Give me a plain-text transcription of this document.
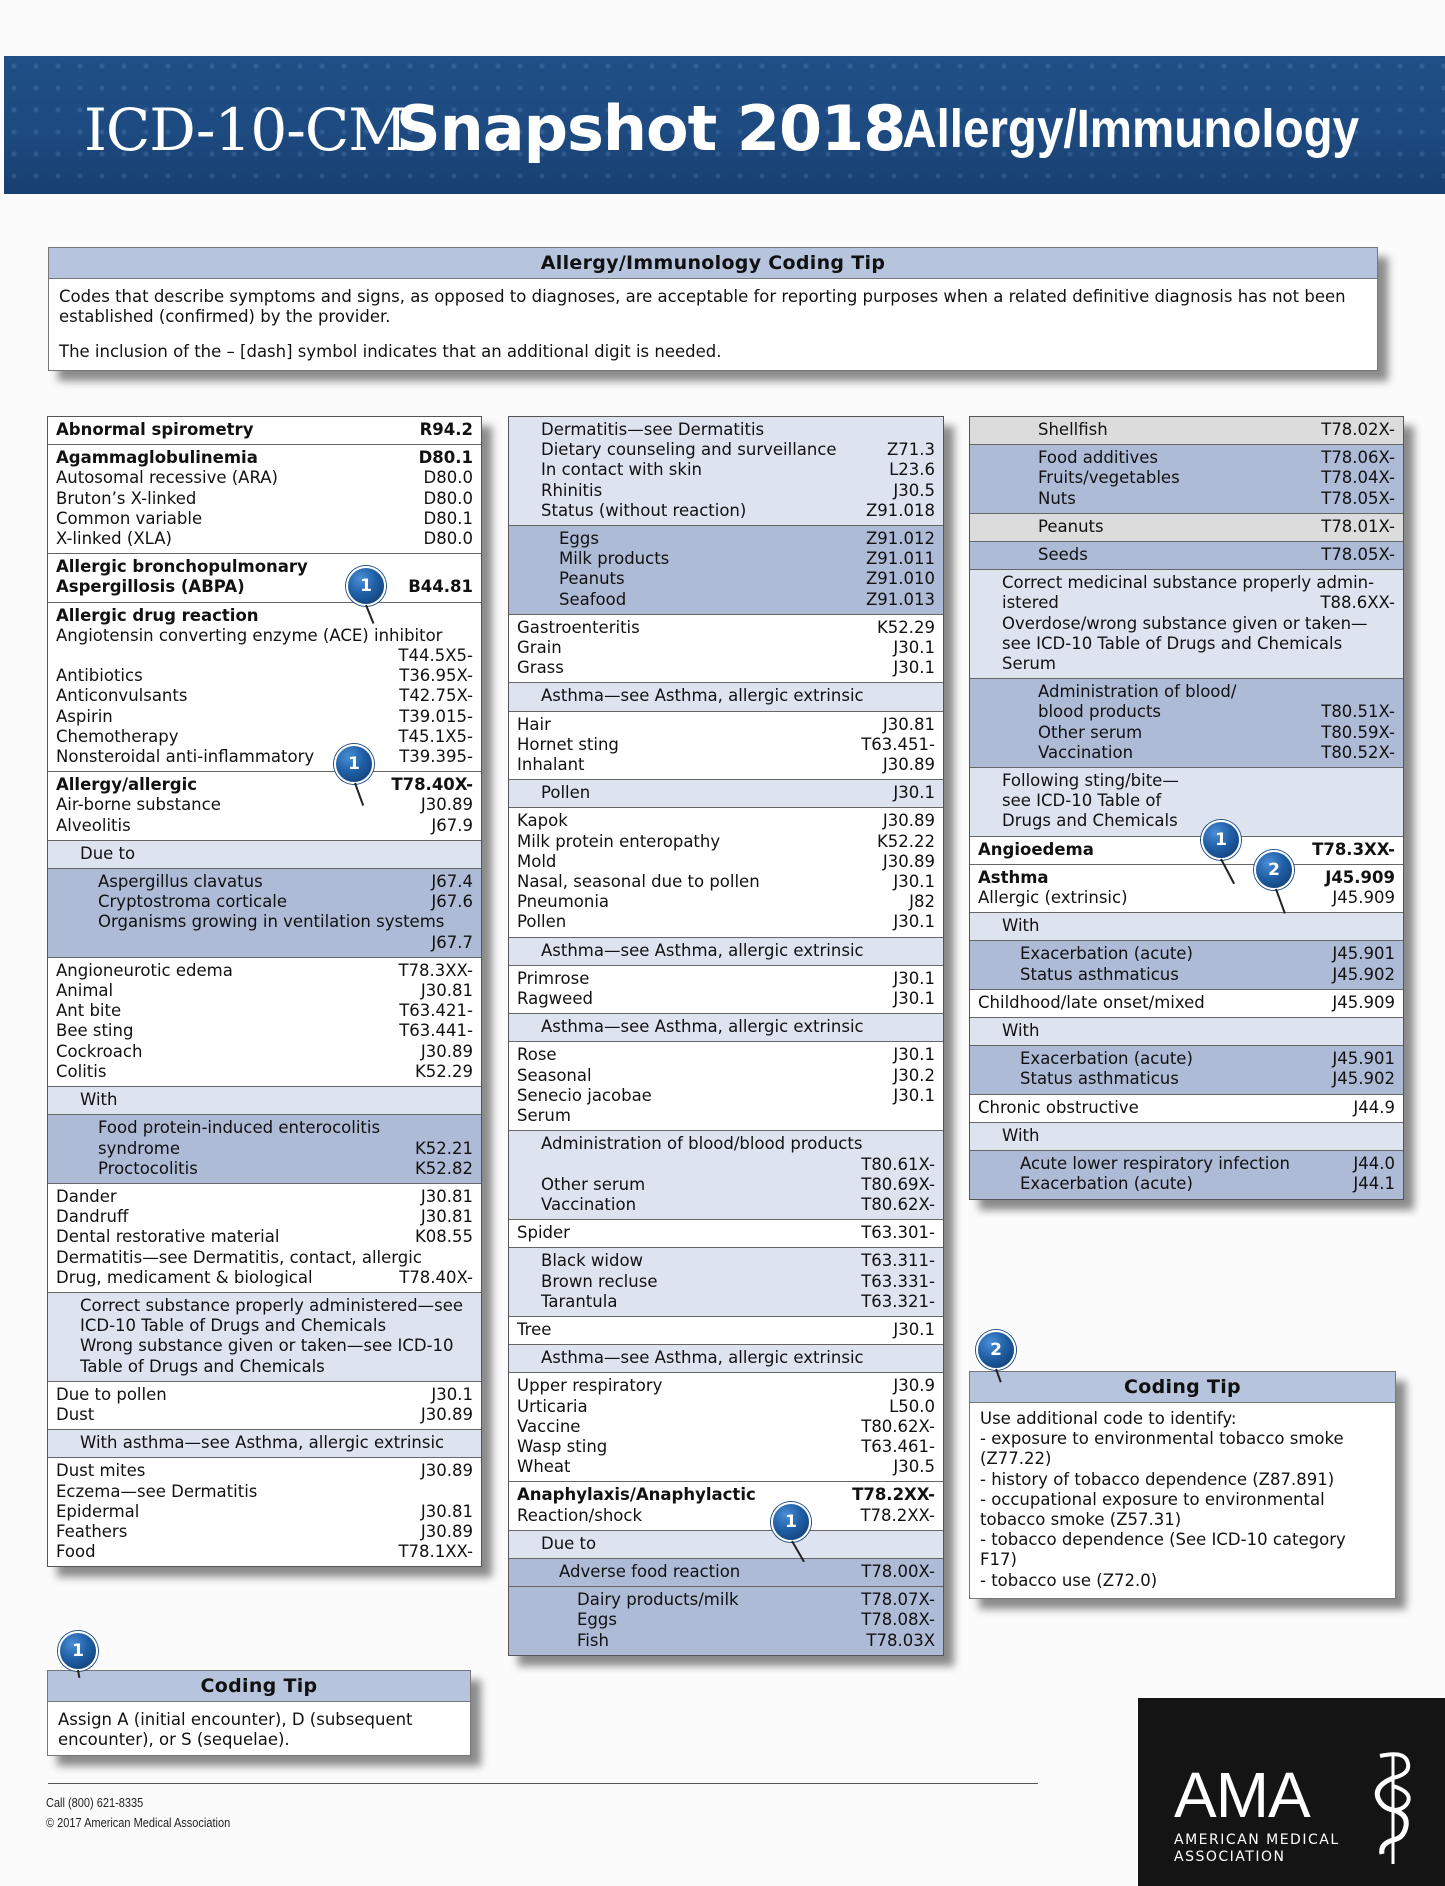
ICD-10-CM
Snapshot 2018
Allergy/Immunology
Allergy/Immunology Coding Tip

Codes that describe symptoms and signs, as opposed to diagnoses, are acceptable for reporting purposes when a related definitive diagnosis has not been established (confirmed) by the provider.

The inclusion of the – [dash] symbol indicates that an additional digit is needed.

Abnormal spirometry	R94.2
Agammaglobulinemia	D80.1
Autosomal recessive (ARA)	D80.0
Bruton’s X-linked	D80.0
Common variable	D80.1
X-linked (XLA)	D80.0
Allergic bronchopulmonary
Aspergillosis (ABPA)	B44.81
Allergic drug reaction
Angiotensin converting enzyme (ACE) inhibitor
T44.5X5-
Antibiotics	T36.95X-
Anticonvulsants	T42.75X-
Aspirin	T39.015-
Chemotherapy	T45.1X5-
Nonsteroidal anti-inflammatory	T39.395-
Allergy/allergic	T78.40X-
Air-borne substance	J30.89
Alveolitis	J67.9
Due to
Aspergillus clavatus	J67.4
Cryptostroma corticale	J67.6
Organisms growing in ventilation systems
J67.7
Angioneurotic edema	T78.3XX-
Animal	J30.81
Ant bite	T63.421-
Bee sting	T63.441-
Cockroach	J30.89
Colitis	K52.29
With
Food protein-induced enterocolitis
syndrome	K52.21
Proctocolitis	K52.82
Dander	J30.81
Dandruff	J30.81
Dental restorative material	K08.55
Dermatitis—see Dermatitis, contact, allergic
Drug, medicament & biological	T78.40X-
Correct substance properly administered—see
ICD-10 Table of Drugs and Chemicals
Wrong substance given or taken—see ICD-10
Table of Drugs and Chemicals
Due to pollen	J30.1
Dust	J30.89
With asthma—see Asthma, allergic extrinsic
Dust mites	J30.89
Eczema—see Dermatitis
Epidermal	J30.81
Feathers	J30.89
Food	T78.1XX-
Dermatitis—see Dermatitis
Dietary counseling and surveillance	Z71.3
In contact with skin	L23.6
Rhinitis	J30.5
Status (without reaction)	Z91.018
Eggs	Z91.012
Milk products	Z91.011
Peanuts	Z91.010
Seafood	Z91.013
Gastroenteritis	K52.29
Grain	J30.1
Grass	J30.1
Asthma—see Asthma, allergic extrinsic
Hair	J30.81
Hornet sting	T63.451-
Inhalant	J30.89
Pollen	J30.1
Kapok	J30.89
Milk protein enteropathy	K52.22
Mold	J30.89
Nasal, seasonal due to pollen	J30.1
Pneumonia	J82
Pollen	J30.1
Asthma—see Asthma, allergic extrinsic
Primrose	J30.1
Ragweed	J30.1
Asthma—see Asthma, allergic extrinsic
Rose	J30.1
Seasonal	J30.2
Senecio jacobae	J30.1
Serum
Administration of blood/blood products
T80.61X-
Other serum	T80.69X-
Vaccination	T80.62X-
Spider	T63.301-
Black widow	T63.311-
Brown recluse	T63.331-
Tarantula	T63.321-
Tree	J30.1
Asthma—see Asthma, allergic extrinsic
Upper respiratory	J30.9
Urticaria	L50.0
Vaccine	T80.62X-
Wasp sting	T63.461-
Wheat	J30.5
Anaphylaxis/Anaphylactic	T78.2XX-
Reaction/shock	T78.2XX-
Due to
Adverse food reaction	T78.00X-
Dairy products/milk	T78.07X-
Eggs	T78.08X-
Fish	T78.03X
Shellfish	T78.02X-
Food additives	T78.06X-
Fruits/vegetables	T78.04X-
Nuts	T78.05X-
Peanuts	T78.01X-
Seeds	T78.05X-
Correct medicinal substance properly admin-
istered	T88.6XX-
Overdose/wrong substance given or taken—
see ICD-10 Table of Drugs and Chemicals
Serum
Administration of blood/
blood products	T80.51X-
Other serum	T80.59X-
Vaccination	T80.52X-
Following sting/bite—
see ICD-10 Table of
Drugs and Chemicals
Angioedema	T78.3XX-
Asthma	J45.909
Allergic (extrinsic)	J45.909
With
Exacerbation (acute)	J45.901
Status asthmaticus	J45.902
Childhood/late onset/mixed	J45.909
With
Exacerbation (acute)	J45.901
Status asthmaticus	J45.902
Chronic obstructive	J44.9
With
Acute lower respiratory infection	J44.0
Exacerbation (acute)	J44.1
Coding Tip
Assign A (initial encounter), D (subsequent encounter), or S (sequelae).
Coding Tip
Use additional code to identify:
- exposure to environmental tobacco smoke (Z77.22)
- history of tobacco dependence (Z87.891)
- occupational exposure to environmental tobacco smoke (Z57.31)
- tobacco dependence (See ICD-10 category F17)
- tobacco use (Z72.0)
1
1
1
1
2
2
1
Call (800) 621-8335
© 2017 American Medical Association	AMA
AMERICAN MEDICAL
ASSOCIATION
